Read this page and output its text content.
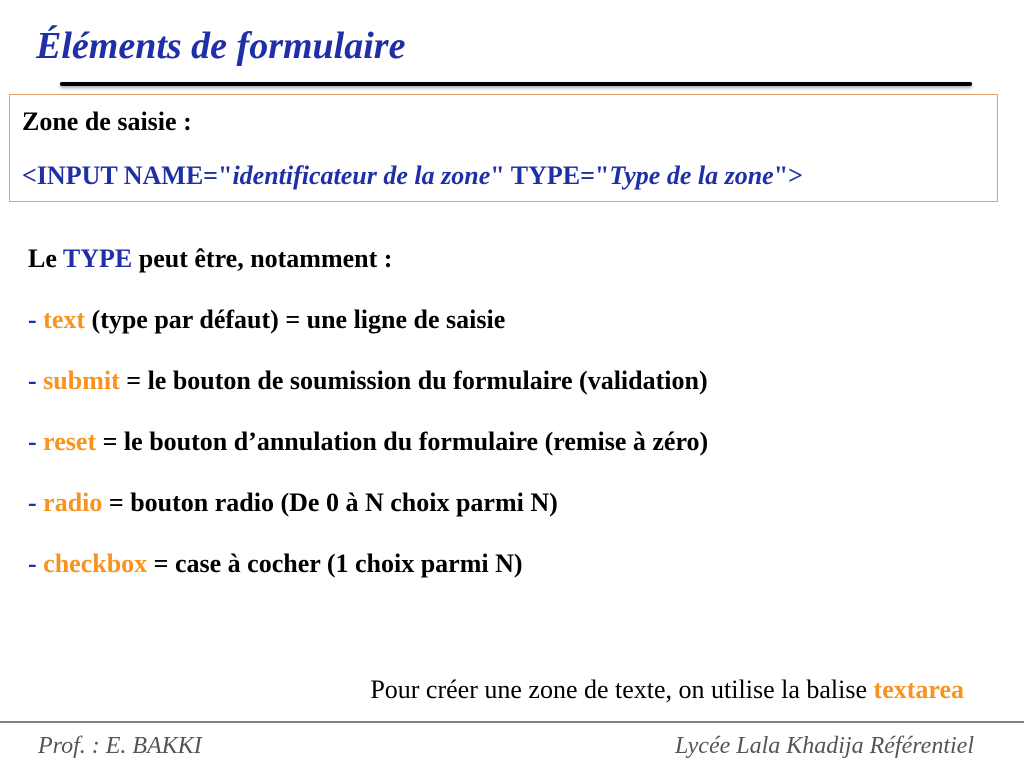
Éléments de formulaire
Zone de saisie :
<INPUT NAME="identificateur de la zone" TYPE="Type de la zone">
Le TYPE peut être, notamment :
- text (type par défaut) = une ligne de saisie
- submit = le bouton de soumission du formulaire (validation)
- reset = le bouton d’annulation du formulaire (remise à zéro)
- radio = bouton radio (De 0 à N choix parmi N)
- checkbox = case à cocher (1 choix parmi N)
Pour créer une zone de texte, on utilise la balise textarea
Prof. : E. BAKKI	Lycée Lala Khadija Référentiel
